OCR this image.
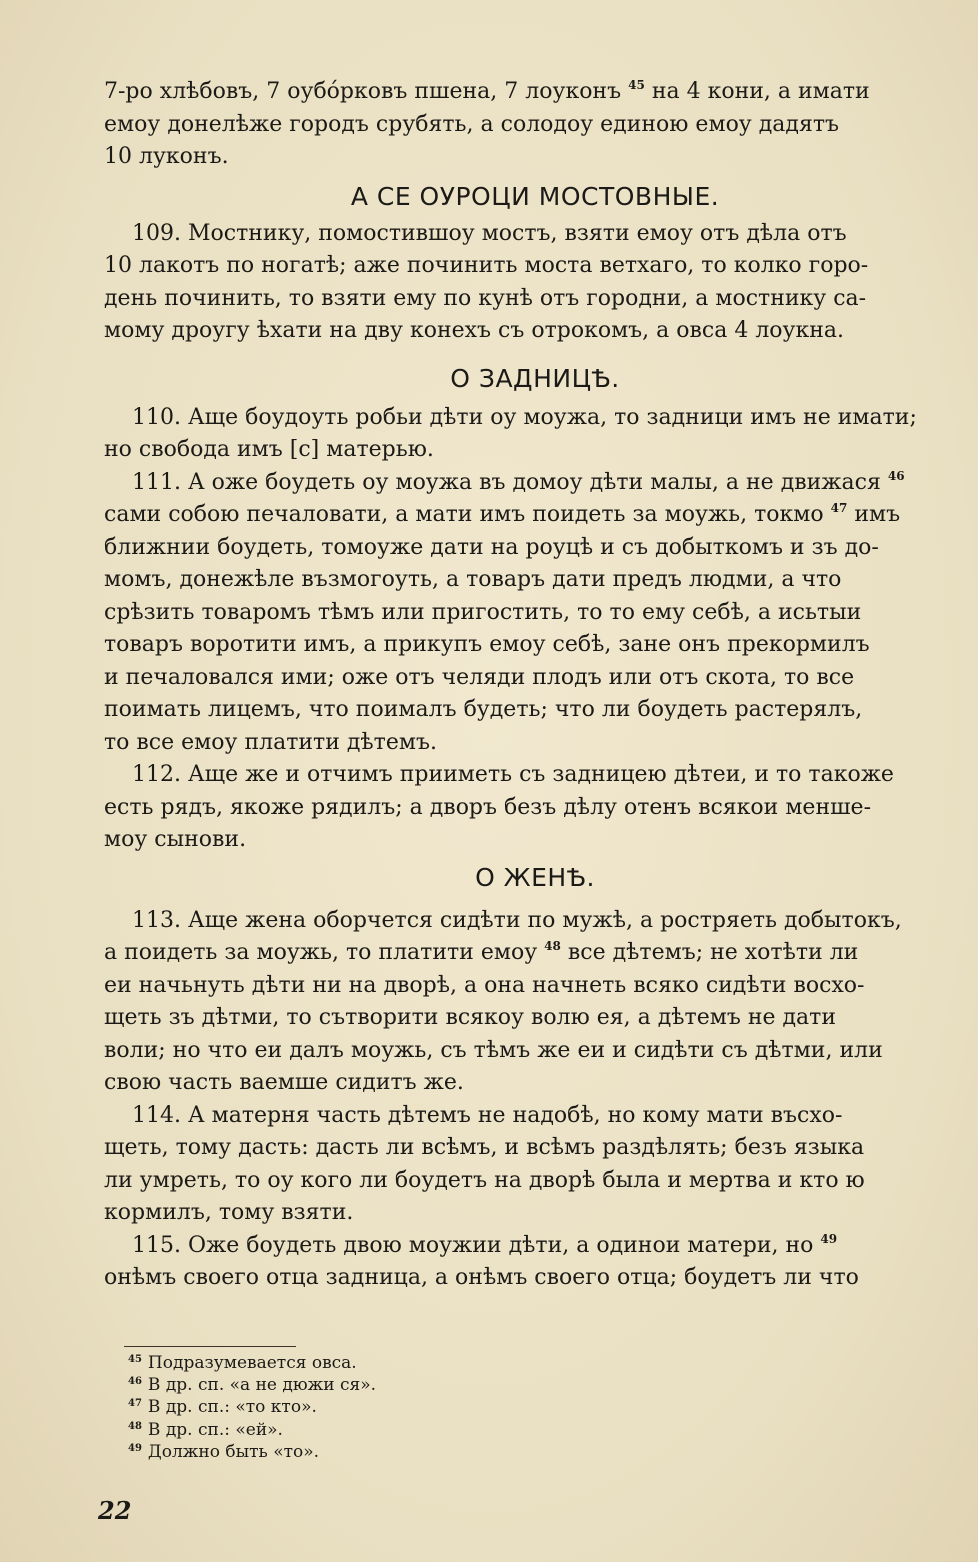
7-ро хлѣбовъ, 7 оубо́рковъ пшена, 7 лоуконъ $^{45}$ на 4 кони, а имати

емоу донелѣже городъ срубять, а солодоу единою емоу дадятъ

10 луконъ.

А СЕ ОУРОЦИ МОСТОВНЫЕ.

109. Мостнику, помостившоу мостъ, взяти емоу отъ дѣла отъ

10 лакотъ по ногатѣ; аже починить моста ветхаго, то колко горо-

день починить, то взяти ему по кунѣ отъ городни, а мостнику са-

мому дроугу ѣхати на дву конехъ съ отрокомъ, а овса 4 лоукна.

О ЗАДНИЦѢ.

110. Аще боудоуть робьи дѣти оу моужа, то задници имъ не имати;

но свобода имъ [с] матерью.

111. А оже боудеть оу моужа въ домоу дѣти малы, а не движася $^{46}$

сами собою печаловати, а мати имъ поидеть за моужь, токмо $^{47}$ имъ

ближнии боудеть, томоуже дати на роуцѣ и съ добыткомъ и зъ до-

момъ, донежѣле възмогоуть, а товаръ дати предъ людми, а что

срѣзить товаромъ тѣмъ или пригостить, то то ему себѣ, а исьтыи

товаръ воротити имъ, а прикупъ емоу себѣ, зане онъ прекормилъ

и печаловался ими; оже отъ челяди плодъ или отъ скота, то все

поимать лицемъ, что поималъ будеть; что ли боудеть растерялъ,

то все емоу платити дѣтемъ.

112. Аще же и отчимъ прииметь съ задницею дѣтеи, и то такоже

есть рядъ, якоже рядилъ; а дворъ безъ дѣлу отенъ всякои менше-

моу сынови.

О ЖЕНѢ.

113. Аще жена оборчется сидѣти по мужѣ, а ростряеть добытокъ,

а поидеть за моужь, то платити емоу $^{48}$ все дѣтемъ; не хотѣти ли

еи начьнуть дѣти ни на дворѣ, а она начнеть всяко сидѣти восхо-

щеть зъ дѣтми, то сътворити всякоу волю ея, а дѣтемъ не дати

воли; но что еи далъ моужь, съ тѣмъ же еи и сидѣти съ дѣтми, или

свою часть ваемше сидитъ же.

114. А матерня часть дѣтемъ не надобѣ, но кому мати въсхо-

щеть, тому дасть: дасть ли всѣмъ, и всѣмъ раздѣлять; безъ языка

ли умреть, то оу кого ли боудетъ на дворѣ была и мертва и кто ю

кормилъ, тому взяти.

115. Оже боудеть двою моужии дѣти, а одинои матери, но $^{49}$

онѣмъ своего отца задница, а онѣмъ своего отца; боудетъ ли что

$^{45}$ Подразумевается овса.

$^{46}$ В др. сп. «а не дюжи ся».

$^{47}$ В др. сп.: «то кто».

$^{48}$ В др. сп.: «ей».

$^{49}$ Должно быть «то».

22
